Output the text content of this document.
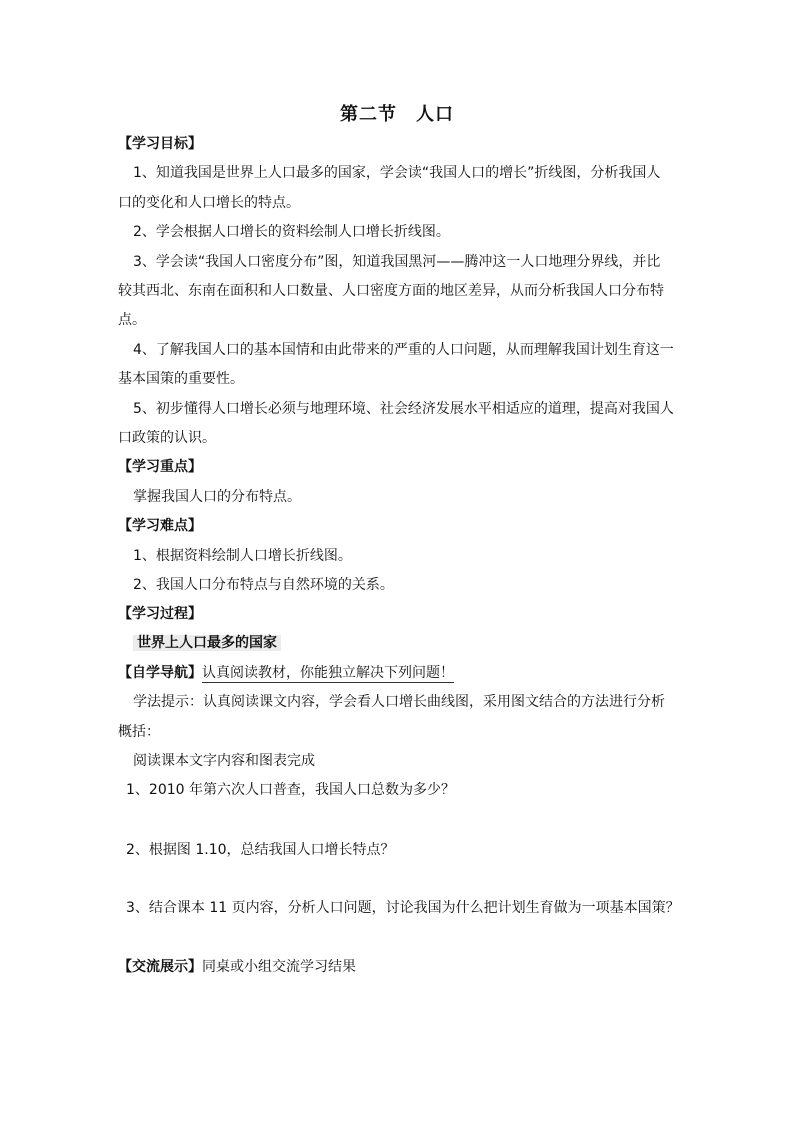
第二节　人口
【学习目标】
1、知道我国是世界上人口最多的国家，学会读“我国人口的增长”折线图，分析我国人
口的变化和人口增长的特点。
2、学会根据人口增长的资料绘制人口增长折线图。
3、学会读“我国人口密度分布”图，知道我国黑河——腾冲这一人口地理分界线，并比
较其西北、东南在面积和人口数量、人口密度方面的地区差异，从而分析我国人口分布特
点。
4、了解我国人口的基本国情和由此带来的严重的人口问题，从而理解我国计划生育这一
基本国策的重要性。
5、初步懂得人口增长必须与地理环境、社会经济发展水平相适应的道理，提高对我国人
口政策的认识。
【学习重点】
掌握我国人口的分布特点。
【学习难点】
1、根据资料绘制人口增长折线图。
2、我国人口分布特点与自然环境的关系。
【学习过程】
世界上人口最多的国家
【自学导航】认真阅读教材，你能独立解决下列问题！
学法提示：认真阅读课文内容，学会看人口增长曲线图，采用图文结合的方法进行分析
概括：
阅读课本文字内容和图表完成
1、2010 年第六次人口普查，我国人口总数为多少？
2、根据图 1.10，总结我国人口增长特点？
3、结合课本 11 页内容，分析人口问题，讨论我国为什么把计划生育做为一项基本国策？
【交流展示】同桌或小组交流学习结果
